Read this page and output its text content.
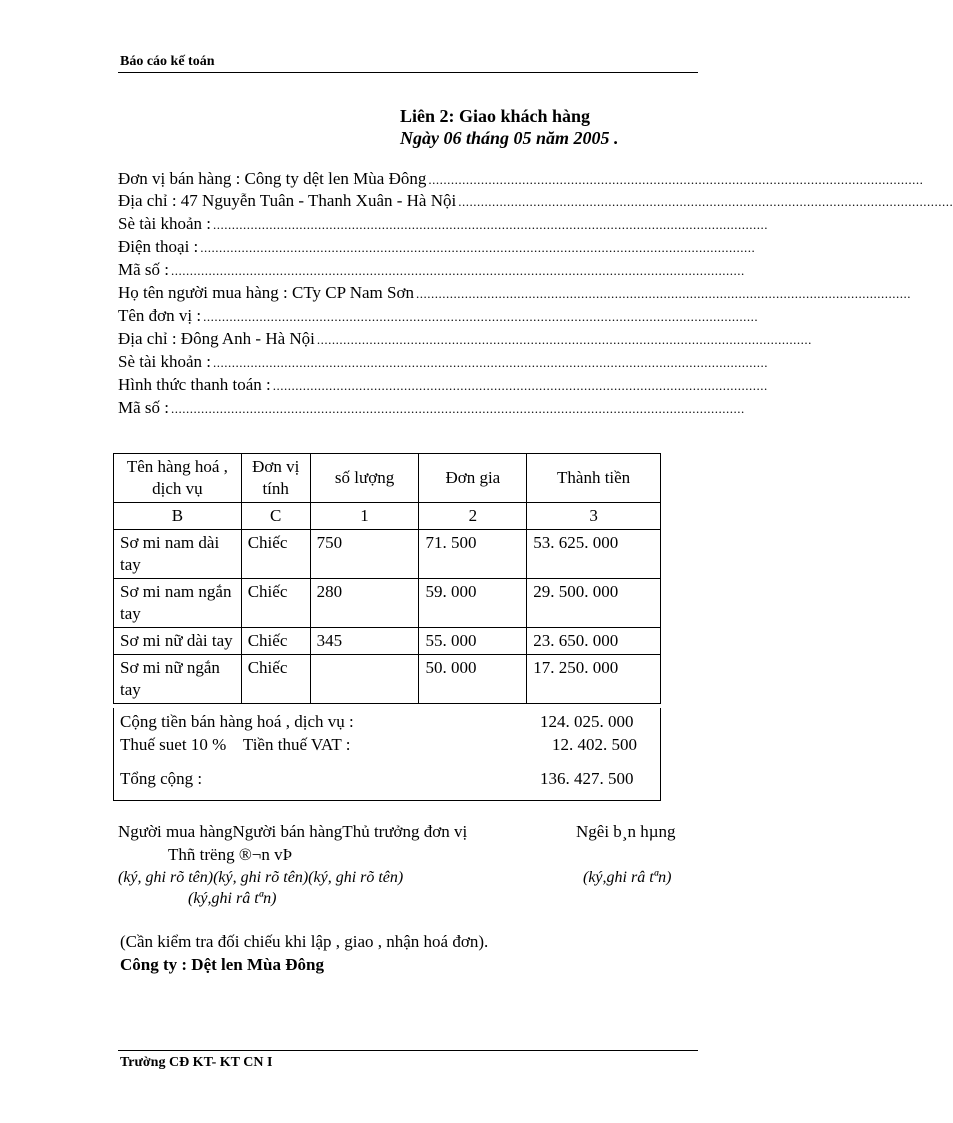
Báo cáo kế toán
Liên 2: Giao khách hàng
Ngày 06 tháng 05 năm 2005 .
Đơn vị bán hàng : Công ty dệt len Mùa Đông ....................................................................................................................................
Địa chỉ : 47 Nguyễn Tuân - Thanh Xuân - Hà Nội ....................................................................................................................................
Sè tài khoản : ....................................................................................................................................................
Điện thoại : ....................................................................................................................................................
Mã số : .........................................................................................................................................................
Họ tên người mua hàng : CTy CP Nam Sơn ....................................................................................................................................
Tên đơn vị : ....................................................................................................................................................
Địa chỉ : Đông Anh - Hà Nội ....................................................................................................................................
Sè tài khoản : ....................................................................................................................................................
Hình thức thanh toán : ....................................................................................................................................
Mã số : .........................................................................................................................................................
Tên hàng hoá , dịch vụ	Đơn vị tính	số lượng	Đơn gia	Thành tiền
B	C	1	2	3
Sơ mi nam dài tay	Chiếc	750	71. 500	53. 625. 000
Sơ mi nam ngắn tay	Chiếc	280	59. 000	29. 500. 000
Sơ mi nữ dài tay	Chiếc	345	55. 000	23. 650. 000
Sơ mi nữ ngắn tay	Chiếc		50. 000	17. 250. 000
Cộng tiền bán hàng hoá , dịch vụ :	124. 025. 000
Thuế suet 10 %    Tiền thuế VAT :	12. 402. 500
Tổng cộng :	136. 427. 500
Người mua hàngNgười bán hàngThủ trưởng đơn vị	Ngêi b¸n hµng
Thñ trëng ®¬n vÞ
(ký, ghi rõ tên)(ký, ghi rõ tên)(ký, ghi rõ tên)	(ký,ghi râ tªn)
(ký,ghi râ tªn)
(Cần kiểm tra đối chiếu khi lập , giao , nhận hoá đơn).
Công ty : Dệt len Mùa Đông
Trường CĐ KT- KT CN I
